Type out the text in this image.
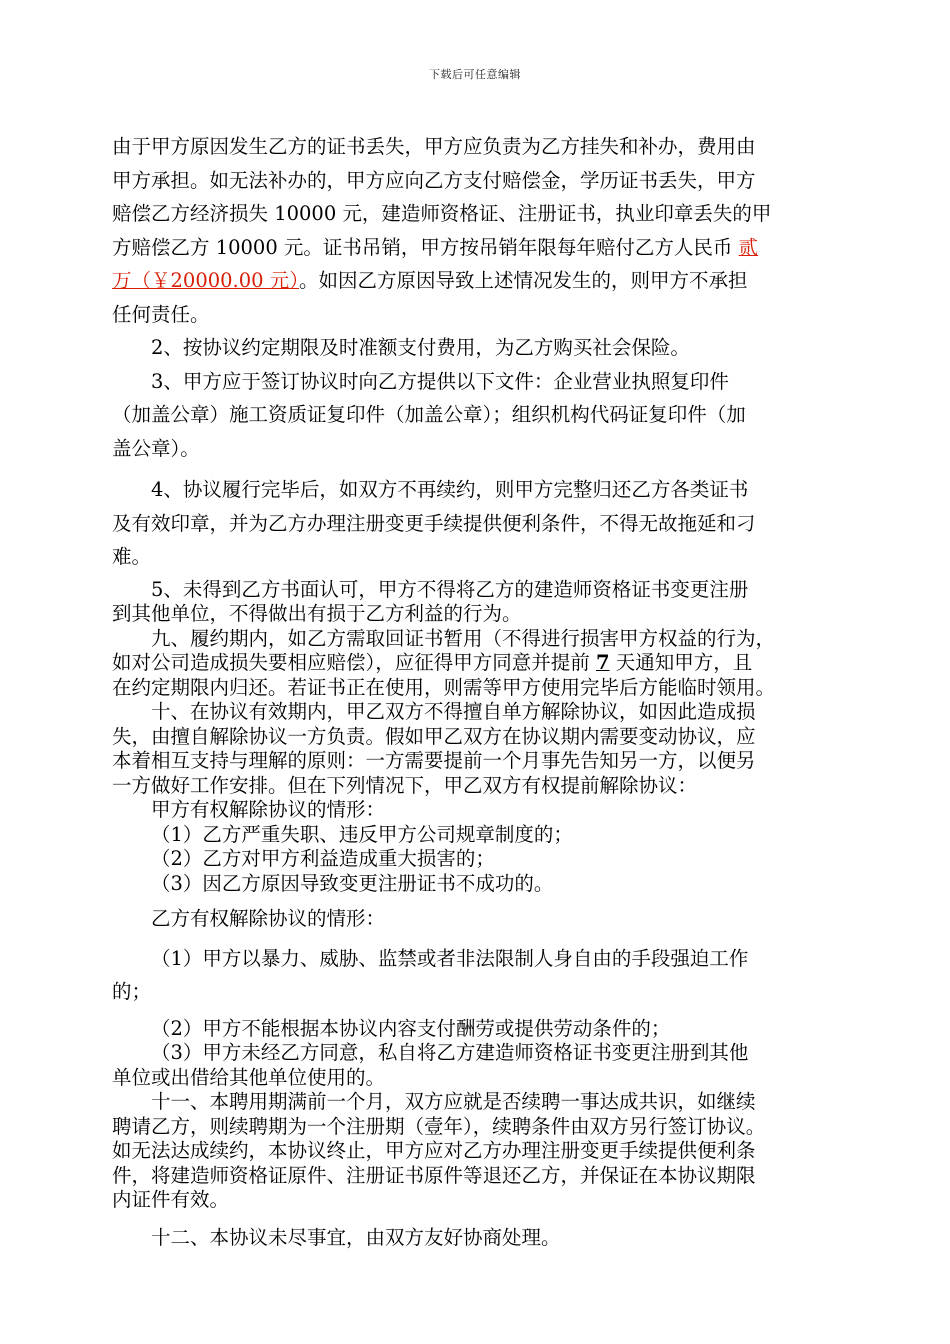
下载后可任意编辑

由于甲方原因发生乙方的证书丢失，甲方应负责为乙方挂失和补办，费用由

甲方承担。如无法补办的，甲方应向乙方支付赔偿金，学历证书丢失，甲方

赔偿乙方经济损失 10000 元，建造师资格证、注册证书，执业印章丢失的甲

方赔偿乙方 10000 元。证书吊销，甲方按吊销年限每年赔付乙方人民币 贰

万（￥20000.00 元）。如因乙方原因导致上述情况发生的，则甲方不承担

任何责任。

2、按协议约定期限及时准额支付费用，为乙方购买社会保险。

3、甲方应于签订协议时向乙方提供以下文件：企业营业执照复印件

（加盖公章）施工资质证复印件（加盖公章）；组织机构代码证复印件（加

盖公章）。

4、协议履行完毕后，如双方不再续约，则甲方完整归还乙方各类证书

及有效印章，并为乙方办理注册变更手续提供便利条件，不得无故拖延和刁

难。

5、未得到乙方书面认可，甲方不得将乙方的建造师资格证书变更注册

到其他单位，不得做出有损于乙方利益的行为。

九、履约期内，如乙方需取回证书暂用（不得进行损害甲方权益的行为，

如对公司造成损失要相应赔偿），应征得甲方同意并提前 7 天通知甲方，且

在约定期限内归还。若证书正在使用，则需等甲方使用完毕后方能临时领用。

十、在协议有效期内，甲乙双方不得擅自单方解除协议，如因此造成损

失，由擅自解除协议一方负责。假如甲乙双方在协议期内需要变动协议，应

本着相互支持与理解的原则：一方需要提前一个月事先告知另一方，以便另

一方做好工作安排。但在下列情况下，甲乙双方有权提前解除协议：

甲方有权解除协议的情形：

（1）乙方严重失职、违反甲方公司规章制度的；

（2）乙方对甲方利益造成重大损害的；

（3）因乙方原因导致变更注册证书不成功的。

乙方有权解除协议的情形：

（1）甲方以暴力、威胁、监禁或者非法限制人身自由的手段强迫工作

的；

（2）甲方不能根据本协议内容支付酬劳或提供劳动条件的；

（3）甲方未经乙方同意，私自将乙方建造师资格证书变更注册到其他

单位或出借给其他单位使用的。

十一、本聘用期满前一个月，双方应就是否续聘一事达成共识，如继续

聘请乙方，则续聘期为一个注册期（壹年），续聘条件由双方另行签订协议。

如无法达成续约，本协议终止，甲方应对乙方办理注册变更手续提供便利条

件，将建造师资格证原件、注册证书原件等退还乙方，并保证在本协议期限

内证件有效。

十二、本协议未尽事宜，由双方友好协商处理。
